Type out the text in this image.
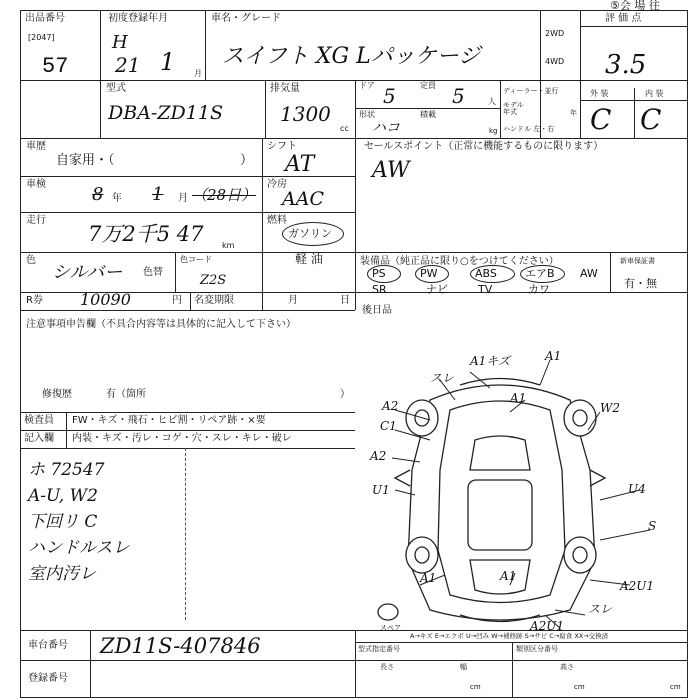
⑤会 場 往
出品番号
[2047]
57
初度登録年月
H
21 1 月
車名・グレード
スイフト XG Lパッケージ
2WD
4WD
評 価 点
3.5
型式
DBA-ZD11S
排気量
1300
cc
ドア 5	定員 5	人
形状
ハコ
積載
kg
ディーラー・並行
モデル年式	年
ハンドル 左・右
外 装	内 装
C C
車歴
自家用・（	）
シフト
AT
セールスポイント（正常に機能するものに限ります）
AW
車検	8 年 1 月 （28日）
冷房
AAC
走行
7万2千5 47 km
燃料
ガソリン
軽 油
色
シルバー 色替
色コード
Z2S
装備品（純正品に限り○をつけてください）	新車保証書
有・無
PS	PW	ABS	エアB AW
SR	ナビ	TV	カワ
R券 10090	円 名変期限	月	日
後日品
注意事項申告欄（不具合内容等は具体的に記入して下さい）
修復歴	有（箇所	）
検査員
記入欄
FW・キズ・飛石・ヒビ割・リペア跡・×要
内装・キズ・汚レ・コゲ・穴・スレ・キレ・破レ
ホ 72547
A-U, W2
下回リ C
ハンドルスレ
室内汚レ
A1キズ	A1
スレ
A2
C1
A1
W2
A2
U1	U4
A1
S
A2U1
A1
スレ
A2U1
スペア
A→キズ E→エクボ U→凹み W→補修跡 S→サビ C→腐食 XX→交換済
型式指定番号	類別区分番号
長さ	幅	高さ
cm	cm	cm
車台番号 ZD11S-407846
登録番号
